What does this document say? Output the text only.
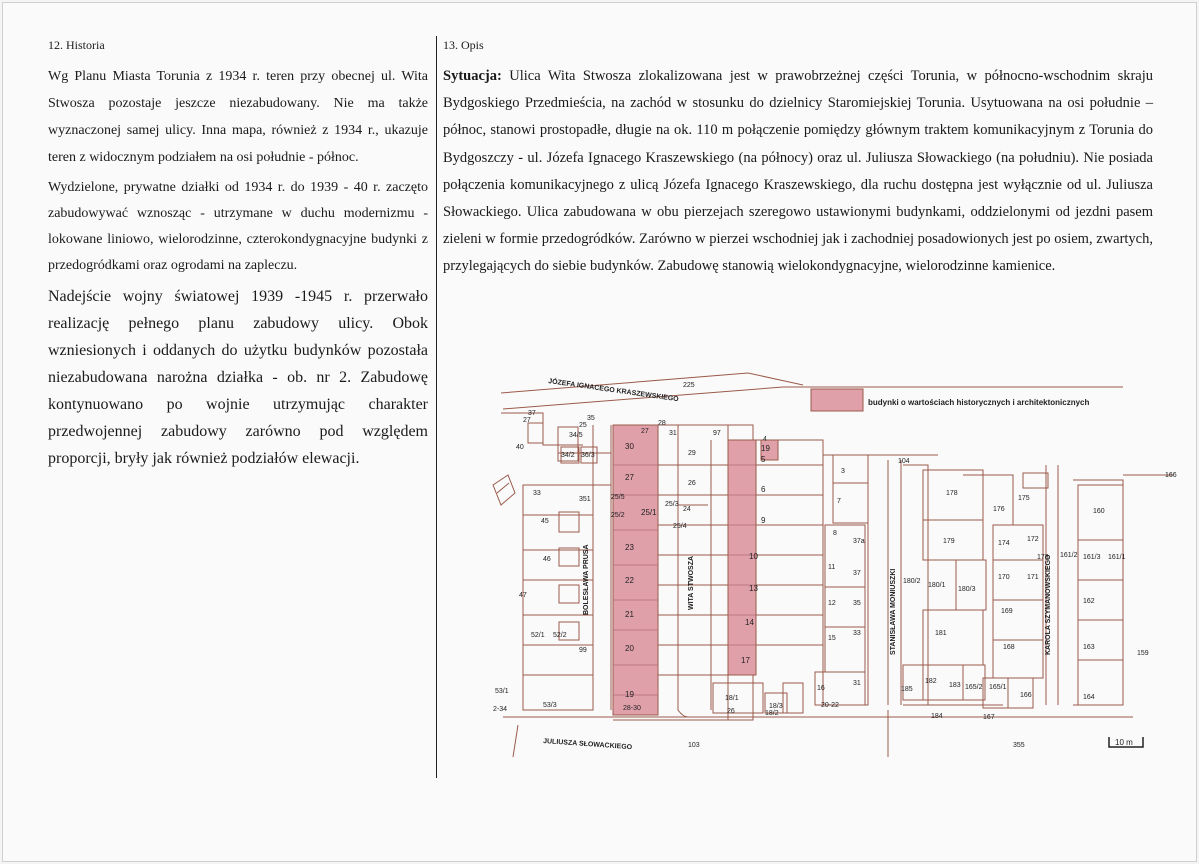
12. Historia

Wg Planu Miasta Torunia z 1934 r. teren przy obecnej ul. Wita Stwosza pozostaje jeszcze niezabudowany. Nie ma także wyznaczonej samej ulicy. Inna mapa, również z 1934 r., ukazuje teren z widocznym podziałem na osi południe - północ.

Wydzielone, prywatne działki od 1934 r. do 1939 - 40 r. zaczęto zabudowywać wznosząc - utrzymane w duchu modernizmu - lokowane liniowo, wielorodzinne, czterokondygnacyjne budynki z przedogródkami oraz ogrodami na zapleczu.

Nadejście wojny światowej 1939 -1945 r. przerwało realizację pełnego planu zabudowy ulicy. Obok wzniesionych i oddanych do użytku budynków pozostała niezabudowana narożna działka - ob. nr 2. Zabudowę kontynuowano po wojnie utrzymując charakter przedwojennej zabudowy zarówno pod względem proporcji, bryły jak również podziałów elewacji.

13. Opis

Sytuacja: Ulica Wita Stwosza zlokalizowana jest w prawobrzeżnej części Torunia, w północno-wschodnim skraju Bydgoskiego Przedmieścia, na zachód w stosunku do dzielnicy Staromiejskiej Torunia. Usytuowana na osi południe – północ, stanowi prostopadłe, długie na ok. 110 m połączenie pomiędzy głównym traktem komunikacyjnym z Torunia do Bydgoszczy - ul. Józefa Ignacego Kraszewskiego (na północy) oraz ul. Juliusza Słowackiego (na południu). Nie posiada połączenia komunikacyjnego z ulicą Józefa Ignacego Kraszewskiego, dla ruchu dostępna jest wyłącznie od ul. Juliusza Słowackiego. Ulica zabudowana w obu pierzejach szeregowo ustawionymi budynkami, oddzielonymi od jezdni pasem zieleni w formie przedogródków. Zarówno w pierzei wschodniej jak i zachodniej posadowionych jest po osiem, zwartych, przylegających do siebie budynków. Zabudowę stanowią wielokondygnacyjne, wielorodzinne kamienice.

budynki o wartościach historycznych i architektonicznych
JÓZEFA IGNACEGO KRASZEWSKIEGO
JULIUSZA SŁOWACKIEGO
BOLESŁAWA PRUSA	WITA STWOSZA	STANISŁAWA MONIUSZKI	KAROLA SZYMANOWSKIEGO
30
27
25/1
23
22
21
20
19
28-30
5
6
9
10
13
14
17
19
225
37
27	35
25
34/5
28
27	31	97
4
40
34/2 36/3	29
26
104
33
351	25/5
25/3
24
25/2
25/4
45
46
47
52/1 52/2
99
53/1
53/3
2-34
103
18/1
26
18/3
18/2
16
20-22
3
7
8
11
12
15
37a
37
35
33
31
178
179
180/2
180/1
180/3
181
182
183
185
184
165/2 165/1
166
167
175
176
174
172
173
170 171
169
168
355
160
161/2 161/3 161/1
162
163
164
159
166
10 m
